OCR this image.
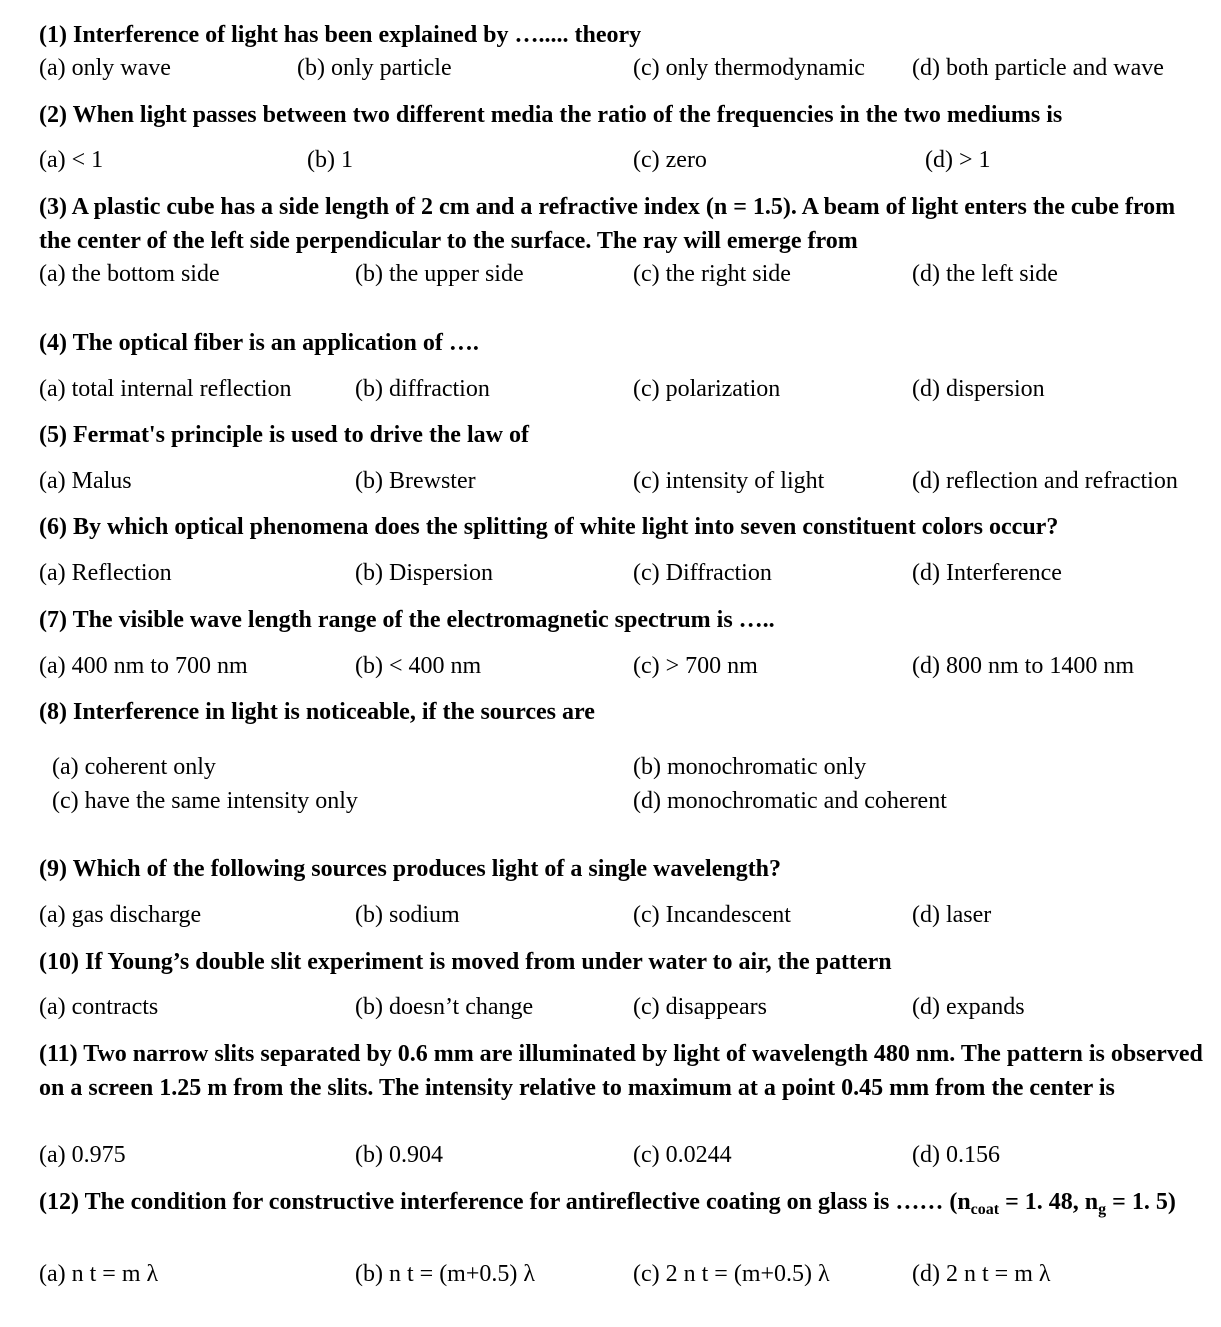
(1) Interference of light has been explained by …..... theory
(a) only wave	(b) only particle	(c) only thermodynamic (d) both particle and wave
(2) When light passes between two different media the ratio of the frequencies in the two mediums is
(a) < 1	(b) 1	(c) zero	(d) > 1
(3) A plastic cube has a side length of 2 cm and a refractive index (n = 1.5). A beam of light enters the cube from the center of the left side perpendicular to the surface. The ray will emerge from
(a) the bottom side	(b) the upper side	(c) the right side	(d) the left side
(4) The optical fiber is an application of ….
(a) total internal reflection	(b) diffraction	(c) polarization	(d) dispersion
(5) Fermat's principle is used to drive the law of
(a) Malus	(b) Brewster	(c) intensity of light	(d) reflection and refraction
(6) By which optical phenomena does the splitting of white light into seven constituent colors occur?
(a) Reflection	(b) Dispersion	(c) Diffraction	(d) Interference
(7) The visible wave length range of the electromagnetic spectrum is …..
(a) 400 nm to 700 nm	(b) < 400 nm	(c) > 700 nm	(d) 800 nm to 1400 nm
(8) Interference in light is noticeable, if the sources are
(a) coherent only	(b) monochromatic only
(c) have the same intensity only	(d) monochromatic and coherent
(9) Which of the following sources produces light of a single wavelength?
(a) gas discharge	(b) sodium	(c) Incandescent	(d) laser
(10) If Young’s double slit experiment is moved from under water to air, the pattern
(a) contracts	(b) doesn’t change	(c) disappears	(d) expands
(11) Two narrow slits separated by 0.6 mm are illuminated by light of wavelength 480 nm. The pattern is observed on a screen 1.25 m from the slits. The intensity relative to maximum at a point 0.45 mm from the center is
(a) 0.975	(b) 0.904	(c) 0.0244	(d) 0.156
(12) The condition for constructive interference for antireflective coating on glass is …… ($n_{coat} = 1$. 48, $n_g = 1$. 5)
(a) n t = m λ	(b) n t = (m+0.5) λ	(c) 2 n t = (m+0.5) λ	(d) 2 n t = m λ
